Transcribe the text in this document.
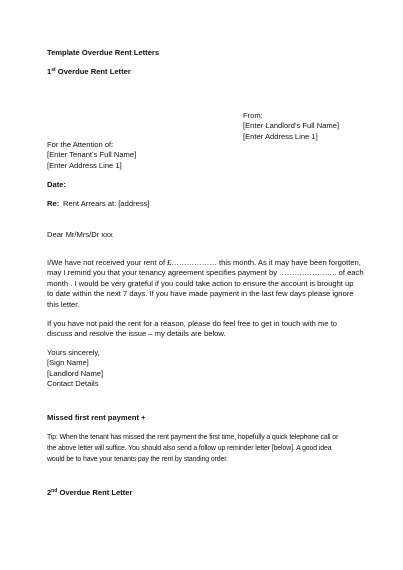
Template Overdue Rent Letters
1st Overdue Rent Letter
From:
[Enter Landlord’s Full Name]
[Enter Address Line 1]
For the Attention of:
[Enter Tenant’s Full Name]
[Enter Address Line 1]
Date:
Re: Rent Arrears at: [address]
Dear Mr/Mrs/Dr xxx
I/We have not received your rent of £……………… this month. As it may have been forgotten,
may I remind you that your tenancy agreement specifies payment by ………………….. of each
month . I would be very grateful if you could take action to ensure the account is brought up
to date within the next 7 days. If you have made payment in the last few days please ignore
this letter.
If you have not paid the rent for a reason, please do feel free to get in touch with me to
discuss and resolve the issue – my details are below.
Yours sincerely,
[Sign Name]
[Landlord Name]
Contact Details
Missed first rent payment +
Tip: When the tenant has missed the rent payment the first time, hopefully a quick telephone call or
the above letter will suffice. You should also send a follow up reminder letter [below]. A good idea
would be to have your tenants pay the rent by standing order.
2nd Overdue Rent Letter
